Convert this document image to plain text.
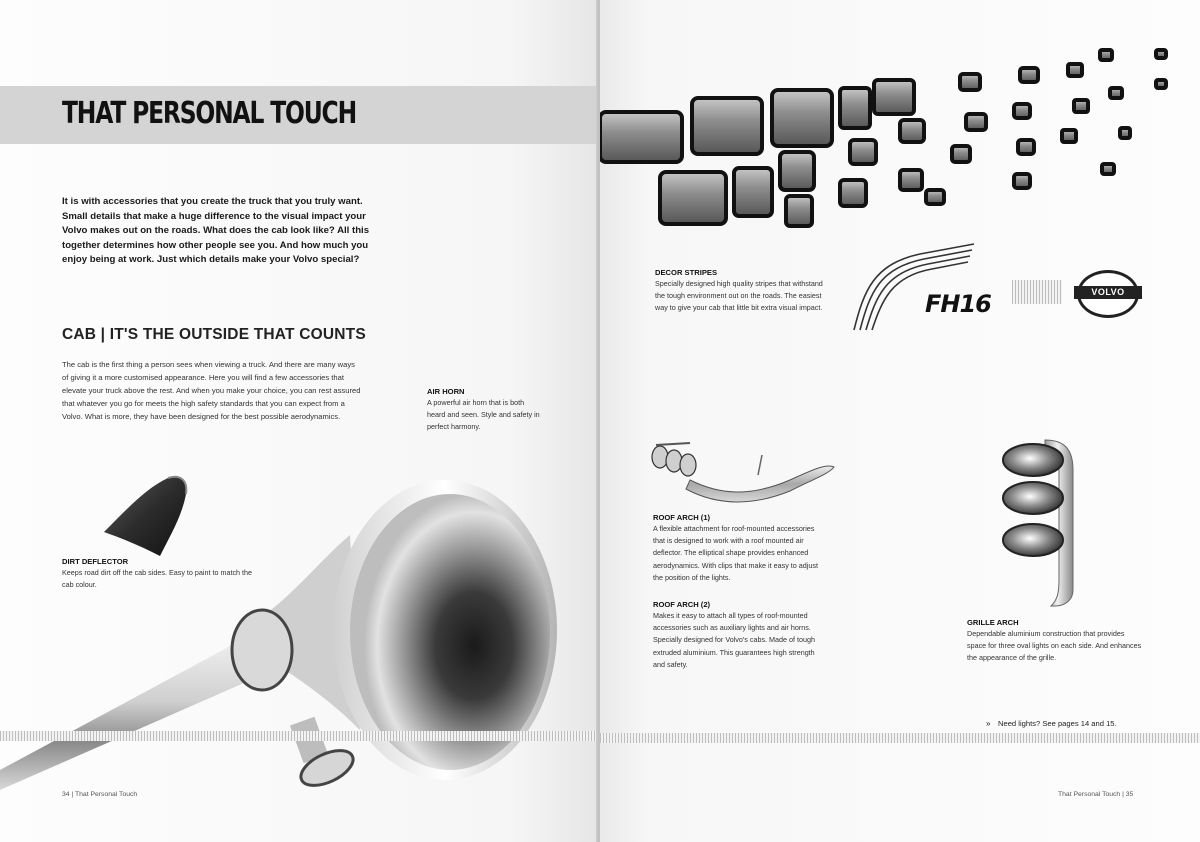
THAT PERSONAL TOUCH

It is with accessories that you create the truck that you truly want. Small details that make a huge difference to the visual impact your Volvo makes out on the roads. What does the cab look like? All this together determines how other people see you. And how much you enjoy being at work. Just which details make your Volvo special?

CAB | IT'S THE OUTSIDE THAT COUNTS

The cab is the first thing a person sees when viewing a truck. And there are many ways of giving it a more customised appearance. Here you will find a few accessories that elevate your truck above the rest. And when you make your choice, you can rest assured that whatever you go for meets the high safety standards that you can expect from a Volvo. What is more, they have been designed for the best possible aerodynamics.

AIR HORN
A powerful air horn that is both heard and seen. Style and safety in perfect harmony.
DIRT DEFLECTOR
Keeps road dirt off the cab sides. Easy to paint to match the cab colour.

34 | That Personal Touch

DECOR STRIPES
Specially designed high quality stripes that withstand the tough environment out on the roads. The easiest way to give your cab that little bit extra visual impact.	FH16	VOLVO
ROOF ARCH (1)
A flexible attachment for roof-mounted accessories that is designed to work with a roof mounted air deflector. The elliptical shape provides enhanced aerodynamics. With clips that make it easy to adjust the position of the lights.
ROOF ARCH (2)
Makes it easy to attach all types of roof-mounted accessories such as auxiliary lights and air horns. Specially designed for Volvo's cabs. Made of tough extruded aluminium. This guarantees high strength and safety.
GRILLE ARCH
Dependable aluminium construction that provides space for three oval lights on each side. And enhances the appearance of the grille.

That Personal Touch | 35

» Need lights? See pages 14 and 15.
